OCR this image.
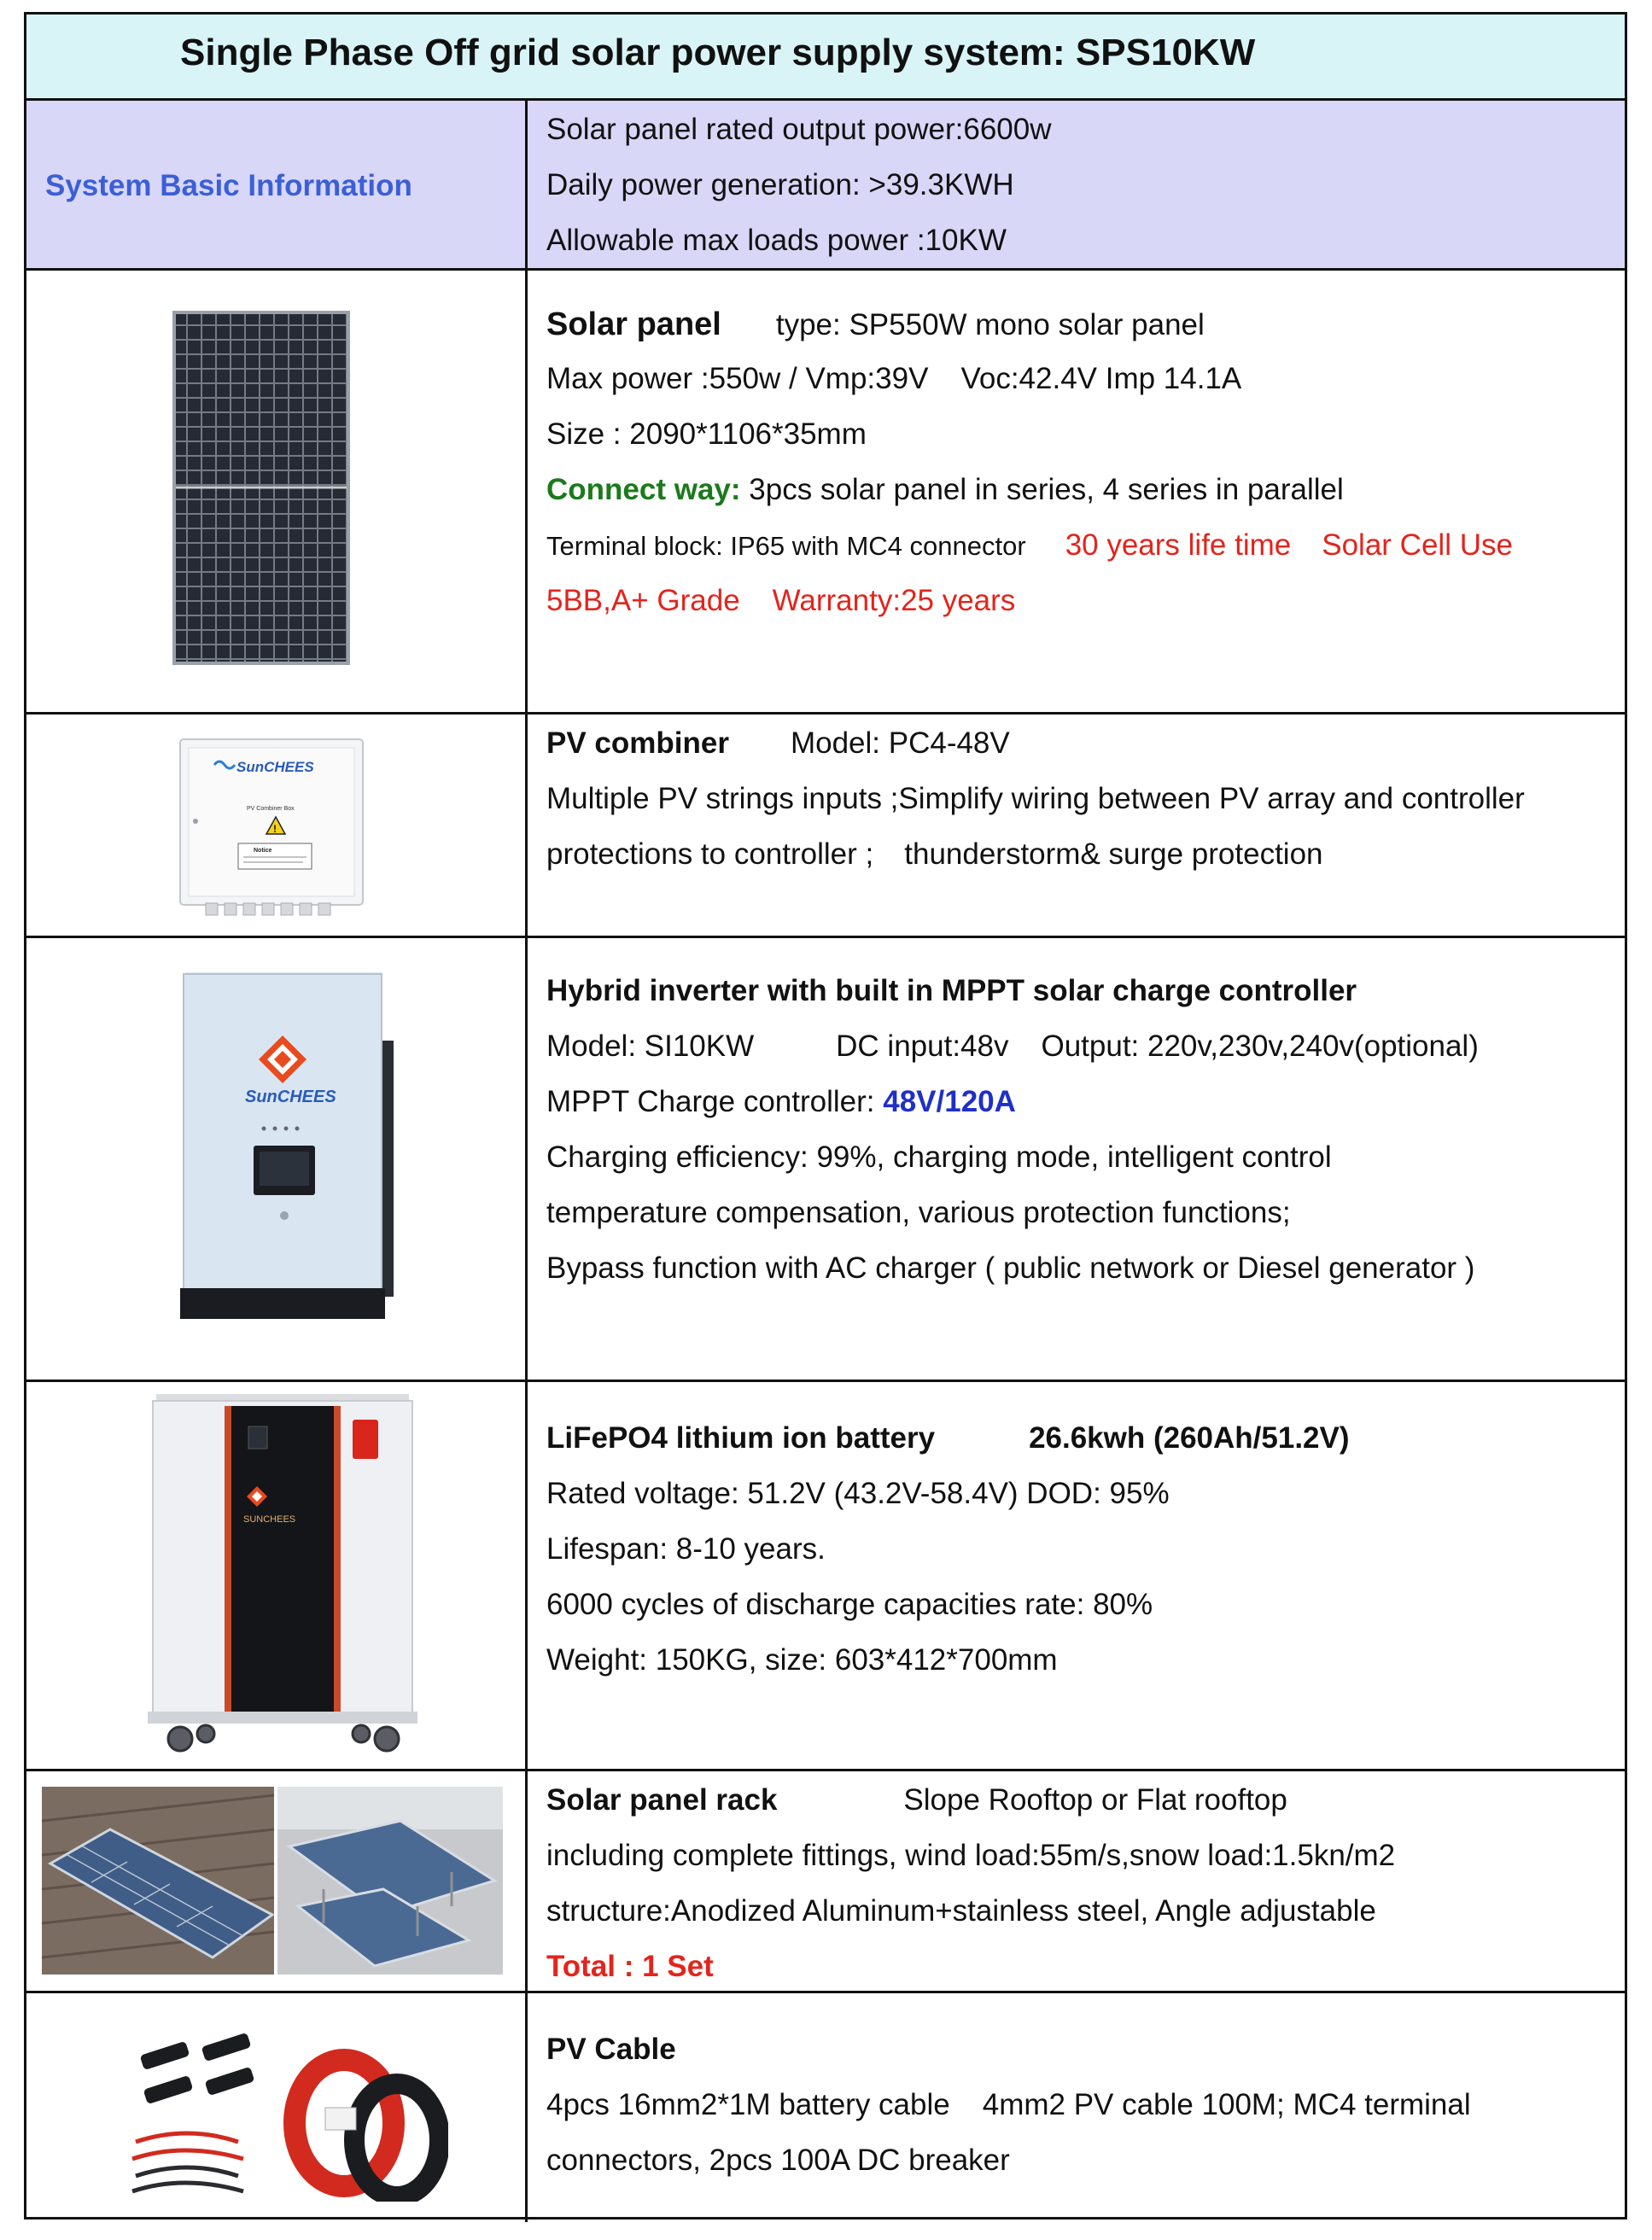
Single Phase Off grid solar power supply system: SPS10KW
System Basic Information
Solar panel rated output power:6600w
Daily power generation: >39.3KWH
Allowable max loads power :10KW
Solar panel type: SP550W mono solar panel
Max power :550w / Vmp:39V Voc:42.4V Imp 14.1A
Size : 2090*1106*35mm
Connect way: 3pcs solar panel in series, 4 series in parallel
Terminal block: IP65 with MC4 connector 30 years life time Solar Cell Use
5BB,A+ Grade Warranty:25 years
SunCHEES
PV Combiner Box
!
Notice
PV combiner Model: PC4-48V
Multiple PV strings inputs ;Simplify wiring between PV array and controller
protections to controller ; thunderstorm& surge protection
SunCHEES
Hybrid inverter with built in MPPT solar charge controller
Model: SI10KW	DC input:48v Output: 220v,230v,240v(optional)
MPPT Charge controller: 48V/120A
Charging efficiency: 99%, charging mode, intelligent control
temperature compensation, various protection functions;
Bypass function with AC charger ( public network or Diesel generator )
SUNCHEES
LiFePO4 lithium ion battery	26.6kwh (260Ah/51.2V)
Rated voltage: 51.2V (43.2V-58.4V) DOD: 95%
Lifespan: 8-10 years.
6000 cycles of discharge capacities rate: 80%
Weight: 150KG, size: 603*412*700mm
Solar panel rack	Slope Rooftop or Flat rooftop
including complete fittings, wind load:55m/s,snow load:1.5kn/m2
structure:Anodized Aluminum+stainless steel, Angle adjustable
Total : 1 Set
PV Cable
4pcs 16mm2*1M battery cable 4mm2 PV cable 100M; MC4 terminal
connectors, 2pcs 100A DC breaker
